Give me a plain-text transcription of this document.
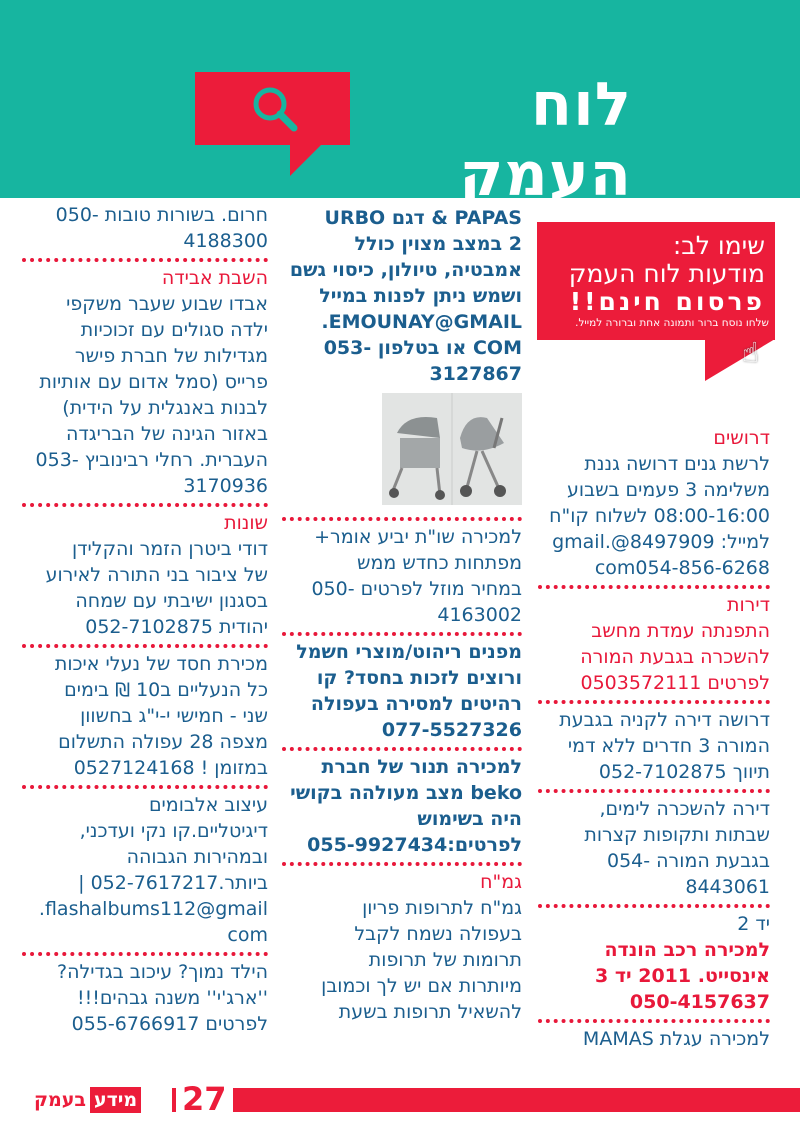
לוח העמק
שימו לב:
מודעות לוח העמק
פרסום חינם!!
שלחו נוסח ברור ותמונה אחת וברורה למייל.
☝
חרום. בשורות טובות -050
4188300
השבת אבידה
אבדו שבוע שעבר משקפי
ילדה סגולים עם זכוכיות
מגדילות של חברת פישר
פרייס (סמל אדום עם אותיות
לבנות באנגלית על הידית)
באזור הגינה של הבריגדה
העברית. רחלי רבינוביץ -053
3170936
שונות
דודי ביטרן הזמר והקלידן
של ציבור בני התורה לאירוע
בסגנון ישיבתי עם שמחה
יהודית 052-7102875
מכירת חסד של נעלי איכות
כל הנעליים ב10 ₪ בימים
שני - חמישי י-י"ג בחשוון
מצפה 28 עפולה התשלום
במזומן ! 0527124168
עיצוב אלבומים
דיגיטליים.קו נקי ועדכני,
ובמהירות הגבוהה
ביותר.052-7617217 |
flashalbums112@gmail.
com
הילד נמוך? עיכוב בגדילה?
''ארג'י'' משנה גבהים!!!
לפרטים 055-6766917
PAPAS & דגם URBO
2 במצב מצוין כולל
אמבטיה, טיולון, כיסוי גשם
ושמש ניתן לפנות במייל
EMOUNAY@GMAIL.
COM או בטלפון -053
3127867
למכירה שו"ת יביע אומר+
מפתחות כחדש ממש
במחיר מוזל לפרטים -050
4163002
מפנים ריהוט/מוצרי חשמל
ורוצים לזכות בחסד? קו
רהיטים למסירה בעפולה
077-5527326
למכירה תנור של חברת
beko מצב מעולהה בקושי
היה בשימוש
לפרטים:055-9927434
גמ"ח
גמ"ח לתרופות פריון
בעפולה נשמח לקבל
תרומות של תרופות
מיותרות אם יש לך וכמובן
להשאיל תרופות בשעת
דרושים
לרשת גנים דרושה גננת
משלימה 3 פעמים בשבוע
08:00-16:00 לשלוח קו"ח
למייל: 8497909@.gmail
com054-856-6268
דירות
התפנתה עמדת מחשב
להשכרה בגבעת המורה
לפרטים 0503572111
דרושה דירה לקניה בגבעת
המורה 3 חדרים ללא דמי
תיווך 052-7102875
דירה להשכרה לימים,
שבתות ותקופות קצרות
בגבעת המורה -054
8443061
יד 2
למכירה רכב הונדה
אינסייט. 2011 יד 3
050-4157637
למכירה עגלת MAMAS
27
מידע
בעמק
